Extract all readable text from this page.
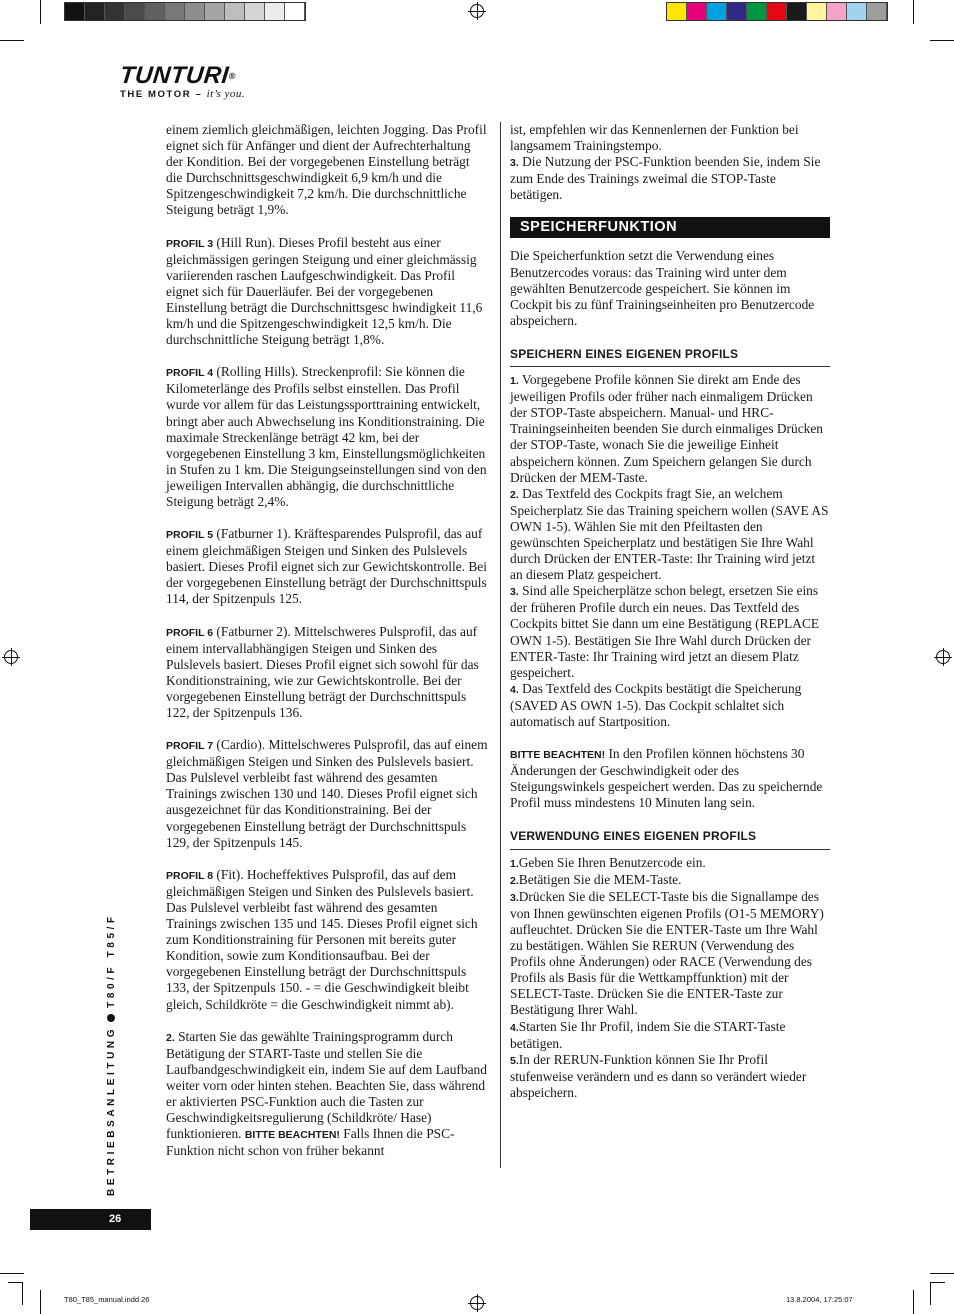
TUNTURI®
THE MOTOR – it’s you.

einem ziemlich gleichmäßigen, leichten Jogging. Das Profil eignet sich für Anfänger und dient der Aufrechterhaltung der Kondition. Bei der vorgegebenen Einstellung beträgt die Durchschnittsgeschwindigkeit 6,9 km/h und die Spitzengeschwindigkeit 7,2 km/h. Die durchschnittliche Steigung beträgt 1,9%.

PROFIL 3 (Hill Run). Dieses Profil besteht aus einer gleichmässigen geringen Steigung und einer gleichmässig variierenden raschen Laufgeschwindigkeit. Das Profil eignet sich für Dauerläufer. Bei der vorgegebenen Einstellung beträgt die Durchschnittsgesc hwindigkeit 11,6 km/h und die Spitzengeschwindigkeit 12,5 km/h. Die durchschnittliche Steigung beträgt 1,8%.

PROFIL 4 (Rolling Hills). Streckenprofil: Sie können die Kilometerlänge des Profils selbst einstellen. Das Profil wurde vor allem für das Leistungssporttraining entwickelt, bringt aber auch Abwechselung ins Konditionstraining. Die maximale Streckenlänge beträgt 42 km, bei der vorgegebenen Einstellung 3 km, Einstellungsmöglichkeiten in Stufen zu 1 km. Die Steigungseinstellungen sind von den jeweiligen Intervallen abhängig, die durchschnittliche Steigung beträgt 2,4%.

PROFIL 5 (Fatburner 1). Kräftesparendes Pulsprofil, das auf einem gleichmäßigen Steigen und Sinken des Pulslevels basiert. Dieses Profil eignet sich zur Gewichtskontrolle. Bei der vorgegebenen Einstellung beträgt der Durchschnittspuls 114, der Spitzenpuls 125.

PROFIL 6 (Fatburner 2). Mittelschweres Pulsprofil, das auf einem intervallabhängigen Steigen und Sinken des Pulslevels basiert. Dieses Profil eignet sich sowohl für das Konditionstraining, wie zur Gewichtskontrolle. Bei der vorgegebenen Einstellung beträgt der Durchschnittspuls 122, der Spitzenpuls 136.

PROFIL 7 (Cardio). Mittelschweres Pulsprofil, das auf einem gleichmäßigen Steigen und Sinken des Pulslevels basiert. Das Pulslevel verbleibt fast während des gesamten Trainings zwischen 130 und 140. Dieses Profil eignet sich ausgezeichnet für das Konditionstraining. Bei der vorgegebenen Einstellung beträgt der Durchschnittspuls 129, der Spitzenpuls 145.

PROFIL 8 (Fit). Hocheffektives Pulsprofil, das auf dem gleichmäßigen Steigen und Sinken des Pulslevels basiert. Das Pulslevel verbleibt fast während des gesamten Trainings zwischen 135 und 145. Dieses Profil eignet sich zum Konditionstraining für Personen mit bereits guter Kondition, sowie zum Konditionsaufbau. Bei der vorgegebenen Einstellung beträgt der Durchschnittspuls 133, der Spitzenpuls 150. - = die Geschwindigkeit bleibt gleich, Schildkröte = die Geschwindigkeit nimmt ab).

2. Starten Sie das gewählte Trainingsprogramm durch Betätigung der START-Taste und stellen Sie die Laufbandgeschwindigkeit ein, indem Sie auf dem Laufband weiter vorn oder hinten stehen. Beachten Sie, dass während er aktivierten PSC-Funktion auch die Tasten zur Geschwindigkeitsregulierung (Schildkröte/ Hase) funktionieren. BITTE BEACHTEN! Falls Ihnen die PSC-Funktion nicht schon von früher bekannt

ist, empfehlen wir das Kennenlernen der Funktion bei langsamem Trainingstempo.

3. Die Nutzung der PSC-Funktion beenden Sie, indem Sie zum Ende des Trainings zweimal die STOP-Taste betätigen.

SPEICHERFUNKTION

Die Speicherfunktion setzt die Verwendung eines Benutzercodes voraus: das Training wird unter dem gewählten Benutzercode gespeichert. Sie können im Cockpit bis zu fünf Trainingseinheiten pro Benutzercode abspeichern.

SPEICHERN EINES EIGENEN PROFILS

1. Vorgegebene Profile können Sie direkt am Ende des jeweiligen Profils oder früher nach einmaligem Drücken der STOP-Taste abspeichern. Manual- und HRC-Trainingseinheiten beenden Sie durch einmaliges Drücken der STOP-Taste, wonach Sie die jeweilige Einheit abspeichern können. Zum Speichern gelangen Sie durch Drücken der MEM-Taste.

2. Das Textfeld des Cockpits fragt Sie, an welchem Speicherplatz Sie das Training speichern wollen (SAVE AS OWN 1-5). Wählen Sie mit den Pfeiltasten den gewünschten Speicherplatz und bestätigen Sie Ihre Wahl durch Drücken der ENTER-Taste: Ihr Training wird jetzt an diesem Platz gespeichert.

3. Sind alle Speicherplätze schon belegt, ersetzen Sie eins der früheren Profile durch ein neues. Das Textfeld des Cockpits bittet Sie dann um eine Bestätigung (REPLACE OWN 1-5). Bestätigen Sie Ihre Wahl durch Drücken der ENTER-Taste: Ihr Training wird jetzt an diesem Platz gespeichert.

4. Das Textfeld des Cockpits bestätigt die Speicherung (SAVED AS OWN 1-5). Das Cockpit schlaltet sich automatisch auf Startposition.

BITTE BEACHTEN! In den Profilen können höchstens 30 Änderungen der Geschwindigkeit oder des Steigungswinkels gespeichert werden. Das zu speichernde Profil muss mindestens 10 Minuten lang sein.

VERWENDUNG EINES EIGENEN PROFILS

1.Geben Sie Ihren Benutzercode ein.

2.Betätigen Sie die MEM-Taste.

3.Drücken Sie die SELECT-Taste bis die Signallampe des von Ihnen gewünschten eigenen Profils (O1-5 MEMORY) aufleuchtet. Drücken Sie die ENTER-Taste um Ihre Wahl zu bestätigen. Wählen Sie RERUN (Verwendung des Profils ohne Änderungen) oder RACE (Verwendung des Profils als Basis für die Wettkampffunktion) mit der SELECT-Taste. Drücken Sie die ENTER-Taste zur Bestätigung Ihrer Wahl.

4.Starten Sie Ihr Profil, indem Sie die START-Taste betätigen.

5.In der RERUN-Funktion können Sie Ihr Profil stufenweise verändern und es dann so verändert wieder abspeichern.

BETRIEBSANLEITUNGT80/F T85/F
26
T80_T85_manual.indd 26	13.8.2004, 17:25:07
